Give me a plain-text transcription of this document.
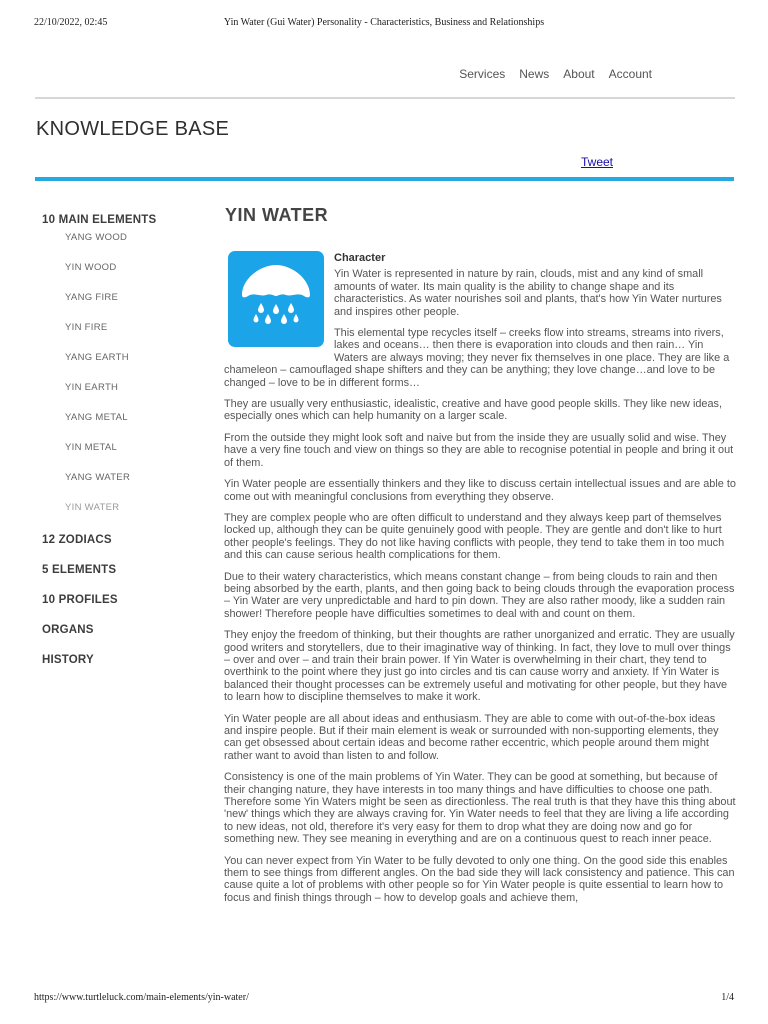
22/10/2022, 02:45	Yin Water (Gui Water) Personality - Characteristics, Business and Relationships
Services News About Account
KNOWLEDGE BASE
Tweet
10 MAIN ELEMENTS
YANG WOOD
YIN WOOD
YANG FIRE
YIN FIRE
YANG EARTH
YIN EARTH
YANG METAL
YIN METAL
YANG WATER
YIN WATER
12 ZODIACS
5 ELEMENTS
10 PROFILES
ORGANS
HISTORY
YIN WATER
Character

Yin Water is represented in nature by rain, clouds, mist and any kind of small amounts of water. Its main quality is the ability to change shape and its characteristics. As water nourishes soil and plants, that's how Yin Water nurtures and inspires other people.

This elemental type recycles itself – creeks flow into streams, streams into rivers, lakes and oceans… then there is evaporation into clouds and then rain… Yin Waters are always moving; they never fix themselves in one place. They are like a chameleon – camouflaged shape shifters and they can be anything; they love change…and love to be changed – love to be in different forms…

They are usually very enthusiastic, idealistic, creative and have good people skills. They like new ideas, especially ones which can help humanity on a larger scale.

From the outside they might look soft and naive but from the inside they are usually solid and wise. They have a very fine touch and view on things so they are able to recognise potential in people and bring it out of them.

Yin Water people are essentially thinkers and they like to discuss certain intellectual issues and are able to come out with meaningful conclusions from everything they observe.

They are complex people who are often difficult to understand and they always keep part of themselves locked up, although they can be quite genuinely good with people. They are gentle and don't like to hurt other people's feelings. They do not like having conflicts with people, they tend to take them in too much and this can cause serious health complications for them.

Due to their watery characteristics, which means constant change – from being clouds to rain and then being absorbed by the earth, plants, and then going back to being clouds through the evaporation process – Yin Water are very unpredictable and hard to pin down. They are also rather moody, like a sudden rain shower! Therefore people have difficulties sometimes to deal with and count on them.

They enjoy the freedom of thinking, but their thoughts are rather unorganized and erratic. They are usually good writers and storytellers, due to their imaginative way of thinking. In fact, they love to mull over things – over and over – and train their brain power. If Yin Water is overwhelming in their chart, they tend to overthink to the point where they just go into circles and tis can cause worry and anxiety. If Yin Water is balanced their thought processes can be extremely useful and motivating for other people, but they have to learn how to discipline themselves to make it work.

Yin Water people are all about ideas and enthusiasm. They are able to come with out-of-the-box ideas and inspire people. But if their main element is weak or surrounded with non-supporting elements, they can get obsessed about certain ideas and become rather eccentric, which people around them might rather want to avoid than listen to and follow.

Consistency is one of the main problems of Yin Water. They can be good at something, but because of their changing nature, they have interests in too many things and have difficulties to choose one path. Therefore some Yin Waters might be seen as directionless. The real truth is that they have this thing about 'new' things which they are always craving for. Yin Water needs to feel that they are living a life according to new ideas, not old, therefore it's very easy for them to drop what they are doing now and go for something new. They see meaning in everything and are on a continuous quest to reach inner peace.

You can never expect from Yin Water to be fully devoted to only one thing. On the good side this enables them to see things from different angles. On the bad side they will lack consistency and patience. This can cause quite a lot of problems with other people so for Yin Water people is quite essential to learn how to focus and finish things through – how to develop goals and achieve them,

https://www.turtleluck.com/main-elements/yin-water/	1/4
